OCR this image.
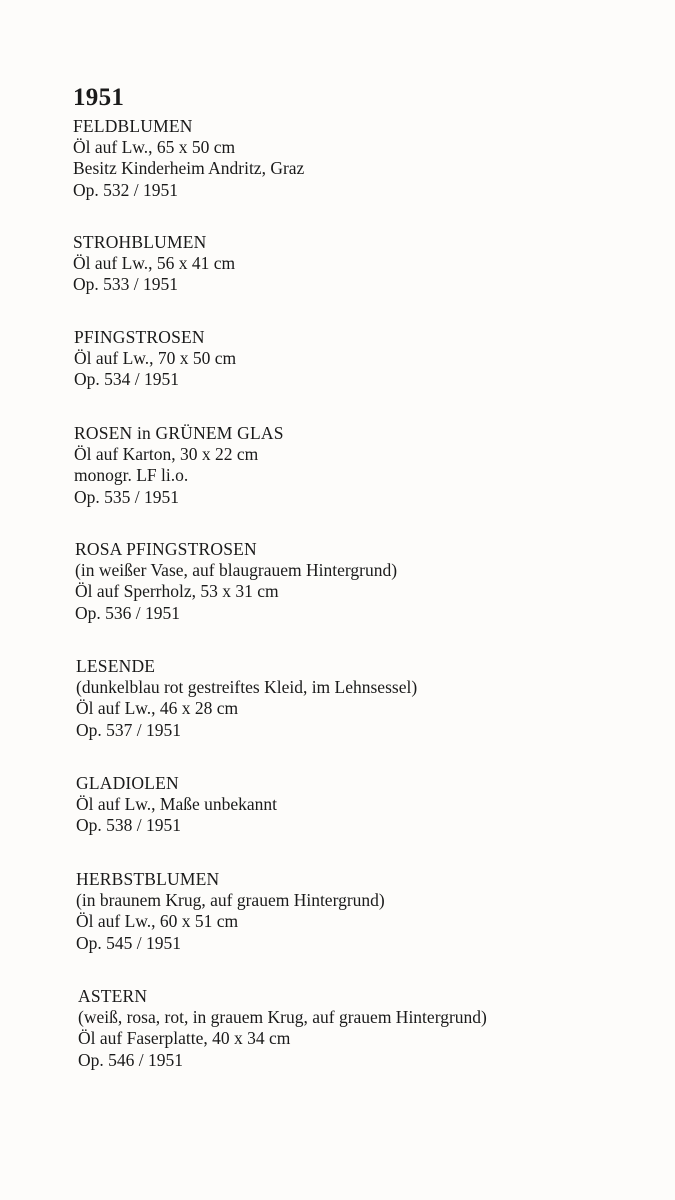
1951
FELDBLUMEN
Öl auf Lw., 65 x 50 cm
Besitz Kinderheim Andritz, Graz
Op. 532 / 1951
STROHBLUMEN
Öl auf Lw., 56 x 41 cm
Op. 533 / 1951
PFINGSTROSEN
Öl auf Lw., 70 x 50 cm
Op. 534 / 1951
ROSEN in GRÜNEM GLAS
Öl auf Karton, 30 x 22 cm
monogr. LF li.o.
Op. 535 / 1951
ROSA PFINGSTROSEN
(in weißer Vase, auf blaugrauem Hintergrund)
Öl auf Sperrholz, 53 x 31 cm
Op. 536 / 1951
LESENDE
(dunkelblau rot gestreiftes Kleid, im Lehnsessel)
Öl auf Lw., 46 x 28 cm
Op. 537 / 1951
GLADIOLEN
Öl auf Lw., Maße unbekannt
Op. 538 / 1951
HERBSTBLUMEN
(in braunem Krug, auf grauem Hintergrund)
Öl auf Lw., 60 x 51 cm
Op. 545 / 1951
ASTERN
(weiß, rosa, rot, in grauem Krug, auf grauem Hintergrund)
Öl auf Faserplatte, 40 x 34 cm
Op. 546 / 1951
